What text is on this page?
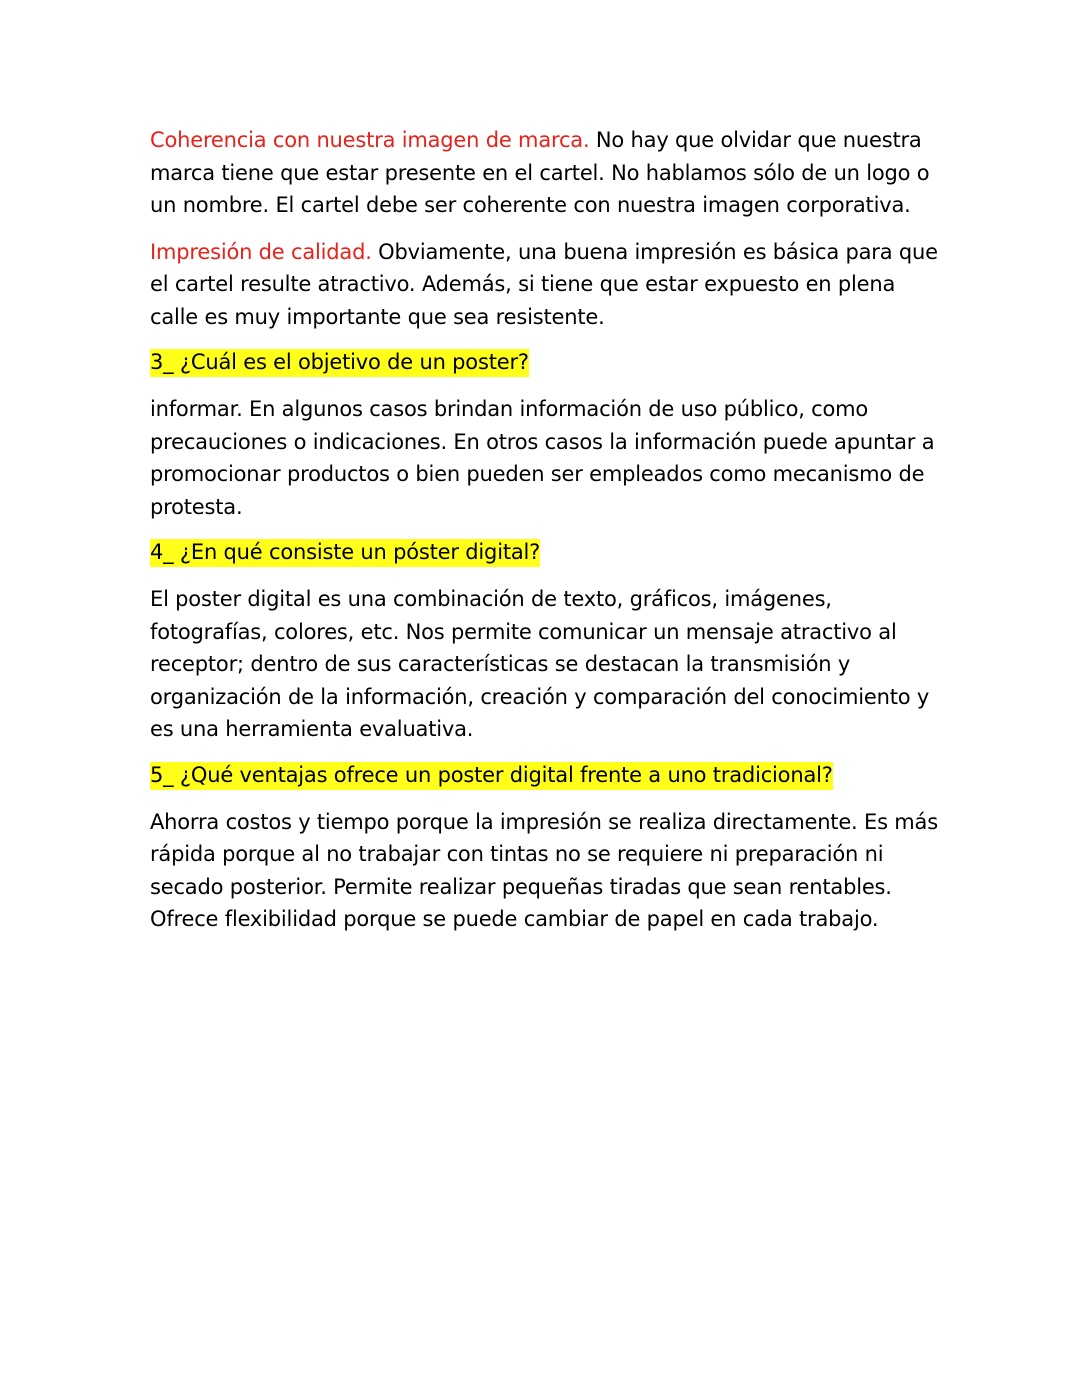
Coherencia con nuestra imagen de marca. No hay que olvidar que nuestra marca tiene que estar presente en el cartel. No hablamos sólo de un logo o un nombre. El cartel debe ser coherente con nuestra imagen corporativa.

Impresión de calidad. Obviamente, una buena impresión es básica para que el cartel resulte atractivo. Además, si tiene que estar expuesto en plena calle es muy importante que sea resistente.

3_ ¿Cuál es el objetivo de un poster?

informar. En algunos casos brindan información de uso público, como precauciones o indicaciones. En otros casos la información puede apuntar a promocionar productos o bien pueden ser empleados como mecanismo de protesta.

4_ ¿En qué consiste un póster digital?

El poster digital es una combinación de texto, gráficos, imágenes, fotografías, colores, etc. Nos permite comunicar un mensaje atractivo al receptor; dentro de sus características se destacan la transmisión y organización de la información, creación y comparación del conocimiento y es una herramienta evaluativa.

5_ ¿Qué ventajas ofrece un poster digital frente a uno tradicional?

Ahorra costos y tiempo porque la impresión se realiza directamente. Es más rápida porque al no trabajar con tintas no se requiere ni preparación ni secado posterior. Permite realizar pequeñas tiradas que sean rentables. Ofrece flexibilidad porque se puede cambiar de papel en cada trabajo.
